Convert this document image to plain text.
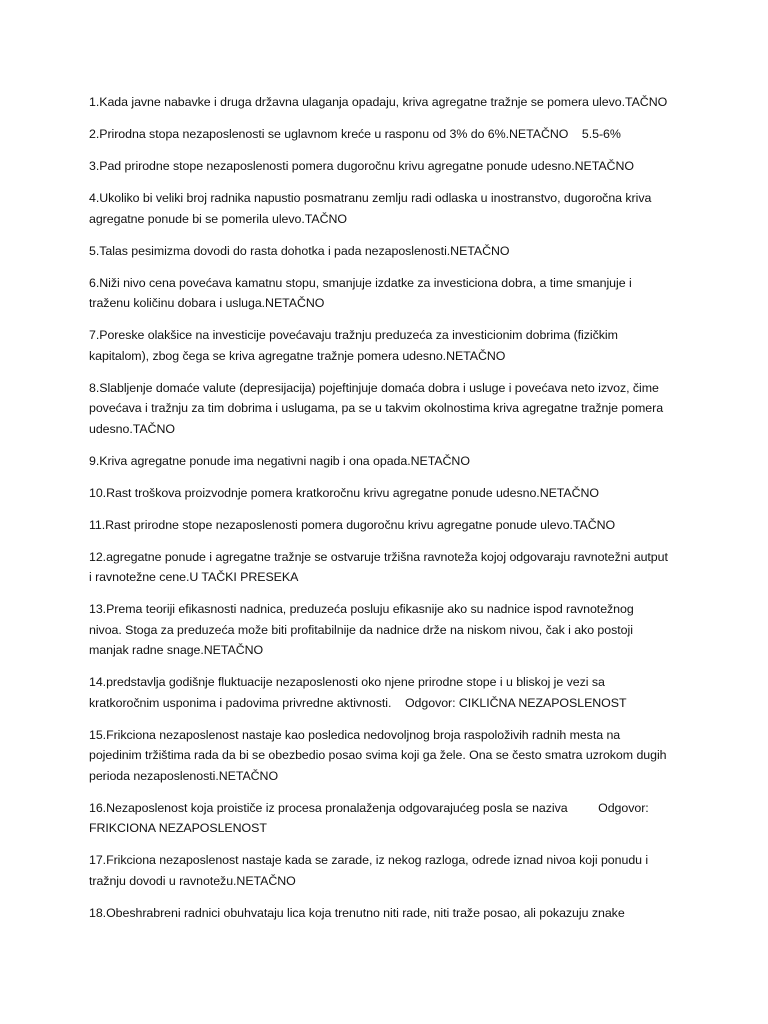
1.Kada javne nabavke i druga državna ulaganja opadaju, kriva agregatne tražnje se pomera ulevo.TAČNO

2.Prirodna stopa nezaposlenosti se uglavnom kreće u rasponu od 3% do 6%.NETAČNO    5.5-6%

3.Pad prirodne stope nezaposlenosti pomera dugoročnu krivu agregatne ponude udesno.NETAČNO

4.Ukoliko bi veliki broj radnika napustio posmatranu zemlju radi odlaska u inostranstvo, dugoročna kriva agregatne ponude bi se pomerila ulevo.TAČNO

5.Talas pesimizma dovodi do rasta dohotka i pada nezaposlenosti.NETAČNO

6.Niži nivo cena povećava kamatnu stopu, smanjuje izdatke za investiciona dobra, a time smanjuje i traženu količinu dobara i usluga.NETAČNO

7.Poreske olakšice na investicije povećavaju tražnju preduzeća za investicionim dobrima (fizičkim kapitalom), zbog čega se kriva agregatne tražnje pomera udesno.NETAČNO

8.Slabljenje domaće valute (depresijacija) pojeftinjuje domaća dobra i usluge i povećava neto izvoz, čime povećava i tražnju za tim dobrima i uslugama, pa se u takvim okolnostima kriva agregatne tražnje pomera udesno.TAČNO

9.Kriva agregatne ponude ima negativni nagib i ona opada.NETAČNO

10.Rast troškova proizvodnje pomera kratkoročnu krivu agregatne ponude udesno.NETAČNO

11.Rast prirodne stope nezaposlenosti pomera dugoročnu krivu agregatne ponude ulevo.TAČNO

12.agregatne ponude i agregatne tražnje se ostvaruje tržišna ravnoteža kojoj odgovaraju ravnotežni autput i ravnotežne cene.U TAČKI PRESEKA

13.Prema teoriji efikasnosti nadnica, preduzeća posluju efikasnije ako su nadnice ispod ravnotežnog nivoa. Stoga za preduzeća može biti profitabilnije da nadnice drže na niskom nivou, čak i ako postoji manjak radne snage.NETAČNO

14.predstavlja godišnje fluktuacije nezaposlenosti oko njene prirodne stope i u bliskoj je vezi sa kratkoročnim usponima i padovima privredne aktivnosti.    Odgovor: CIKLIČNA NEZAPOSLENOST

15.Frikciona nezaposlenost nastaje kao posledica nedovoljnog broja raspoloživih radnih mesta na pojedinim tržištima rada da bi se obezbedio posao svima koji ga žele. Ona se često smatra uzrokom dugih perioda nezaposlenosti.NETAČNO

16.Nezaposlenost koja proističe iz procesa pronalaženja odgovarajućeg posla se naziva         Odgovor: FRIKCIONA NEZAPOSLENOST

17.Frikciona nezaposlenost nastaje kada se zarade, iz nekog razloga, odrede iznad nivoa koji ponudu i tražnju dovodi u ravnotežu.NETAČNO

18.Obeshrabreni radnici obuhvataju lica koja trenutno niti rade, niti traže posao, ali pokazuju znake
